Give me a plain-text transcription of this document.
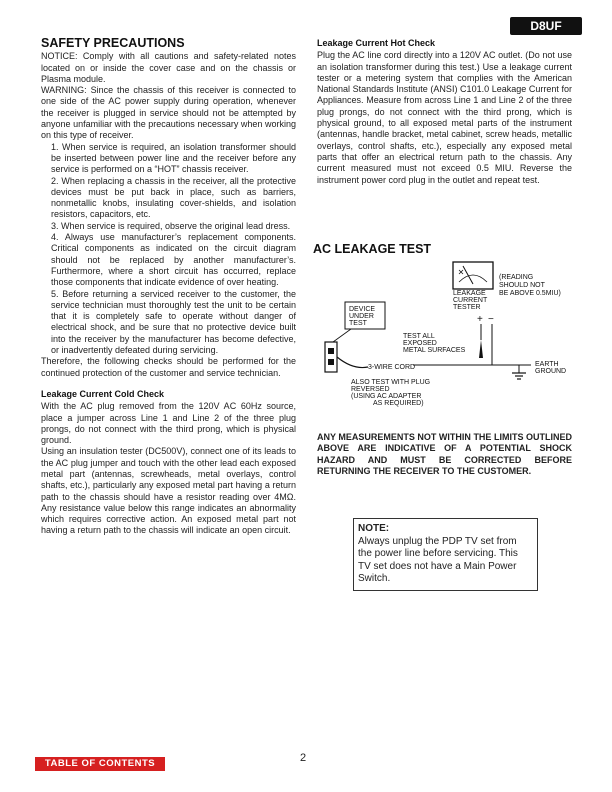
D8UF
SAFETY PRECAUTIONS

NOTICE: Comply with all cautions and safety-related notes located on or inside the cover case and on the chassis or Plasma module.

WARNING: Since the chassis of this receiver is connected to one side of the AC power supply during operation, whenever the receiver is plugged in service should not be attempted by anyone unfamiliar with the precautions necessary when working on this type of receiver.

1. When service is required, an isolation transformer should be inserted between power line and the receiver before any service is performed on a “HOT” chassis receiver.

2. When replacing a chassis in the receiver, all the protective devices must be put back in place, such as barriers, nonmetallic knobs, insulating cover-shields, and isolation resistors, capacitors, etc.

3. When service is required, observe the original lead dress.

4. Always use manufacturer’s replacement components. Critical components as indicated on the circuit diagram should not be replaced by another manufacturer’s. Furthermore, where a short circuit has occurred, replace those components that indicate evidence of over heating.

5. Before returning a serviced receiver to the customer, the service technician must thoroughly test the unit to be certain that it is completely safe to operate without danger of electrical shock, and be sure that no protective device built into the receiver by the manufacturer has become defective, or inadvertently defeated during servicing.

Therefore, the following checks should be performed for the continued protection of the customer and service technician.

Leakage Current Cold Check

With the AC plug removed from the 120V AC 60Hz source, place a jumper across Line 1 and Line 2 of the three plug prongs, do not connect with the third prong, which is physical ground.

Using an insulation tester (DC500V), connect one of its leads to the AC plug jumper and touch with the other lead each exposed metal part (antennas, screwheads, metal overlays, control shafts, etc.), particularly any exposed metal part having a return path to the chassis should have a resistor reading over 4MΩ. Any resistance value below this range indicates an abnormality which requires corrective action. An exposed metal part not having a return path to the chassis will indicate an open circuit.

Leakage Current Hot Check

Plug the AC line cord directly into a 120V AC outlet. (Do not use an isolation transformer during this test.) Use a leakage current tester or a metering system that complies with the American National Standards Institute (ANSI) C101.0 Leakage Current for Appliances. Measure from across Line 1 and Line 2 of the three plug prongs, do not connect with the third prong, which is physical ground, to all exposed metal parts of the instrument (antennas, handle bracket, metal cabinet, screw heads, metallic overlays, control shafts, etc.), especially any exposed metal parts that offer an electrical return path to the chassis. Any current measured must not exceed 0.5 MIU. Reverse the instrument power cord plug in the outlet and repeat test.

AC LEAKAGE TEST
(READING
SHOULD NOT
BE ABOVE 0.5MIU)
LEAKAGE
CURRENT
TESTER
+ −
DEVICE
UNDER
TEST
TEST ALL
EXPOSED
METAL SURFACES
3-WIRE CORD	EARTH
GROUND
ALSO TEST WITH PLUG
REVERSED
(USING AC ADAPTER
AS REQUIRED)
ANY MEASUREMENTS NOT WITHIN THE LIMITS OUTLINED ABOVE ARE INDICATIVE OF A POTENTIAL SHOCK HAZARD AND MUST BE CORRECTED BEFORE RETURNING THE RECEIVER TO THE CUSTOMER.
NOTE:
Always unplug the PDP TV set from the power line before servicing. This TV set does not have a Main Power Switch.
TABLE OF CONTENTS	2
